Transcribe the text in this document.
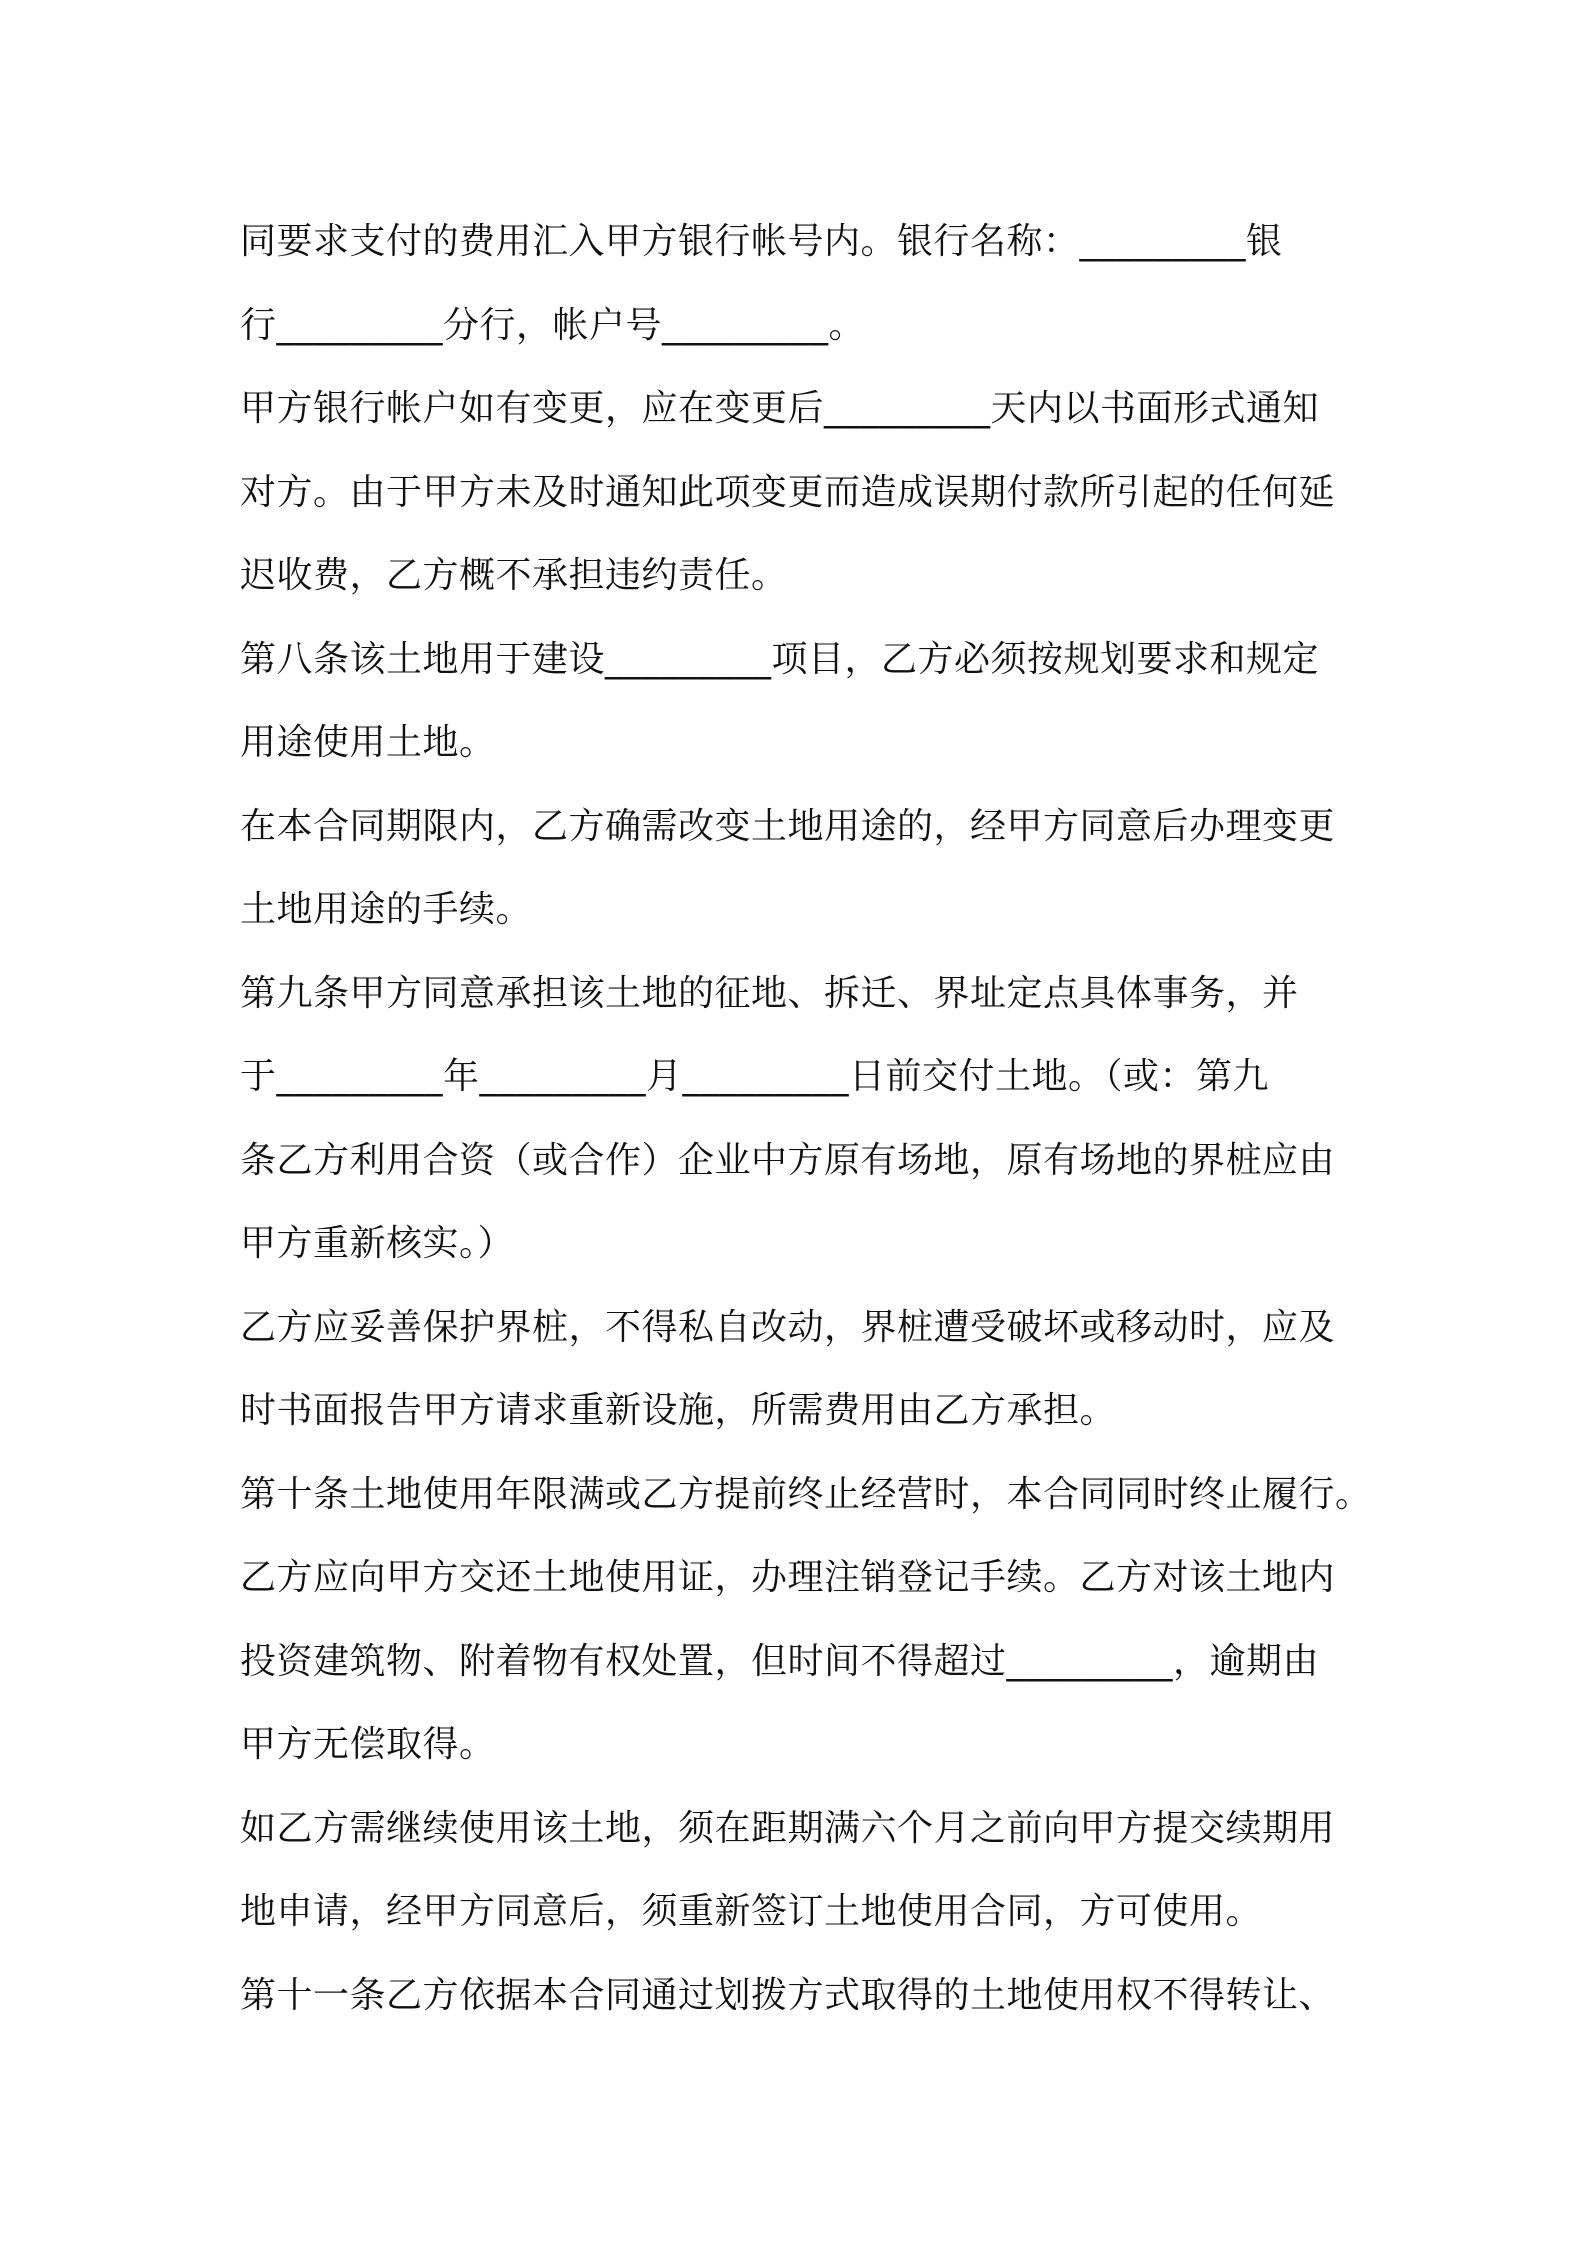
同要求支付的费用汇入甲方银行帐号内。银行名称：_________银
行_________分行，帐户号_________。
甲方银行帐户如有变更，应在变更后_________天内以书面形式通知
对方。由于甲方未及时通知此项变更而造成误期付款所引起的任何延
迟收费，乙方概不承担违约责任。
第八条该土地用于建设_________项目，乙方必须按规划要求和规定
用途使用土地。
在本合同期限内，乙方确需改变土地用途的，经甲方同意后办理变更
土地用途的手续。
第九条甲方同意承担该土地的征地、拆迁、界址定点具体事务，并
于_________年_________月_________日前交付土地。（或：第九
条乙方利用合资（或合作）企业中方原有场地，原有场地的界桩应由
甲方重新核实。）
乙方应妥善保护界桩，不得私自改动，界桩遭受破坏或移动时，应及
时书面报告甲方请求重新设施，所需费用由乙方承担。
第十条土地使用年限满或乙方提前终止经营时，本合同同时终止履行。
乙方应向甲方交还土地使用证，办理注销登记手续。乙方对该土地内
投资建筑物、附着物有权处置，但时间不得超过_________，逾期由
甲方无偿取得。
如乙方需继续使用该土地，须在距期满六个月之前向甲方提交续期用
地申请，经甲方同意后，须重新签订土地使用合同，方可使用。
第十一条乙方依据本合同通过划拨方式取得的土地使用权不得转让、
